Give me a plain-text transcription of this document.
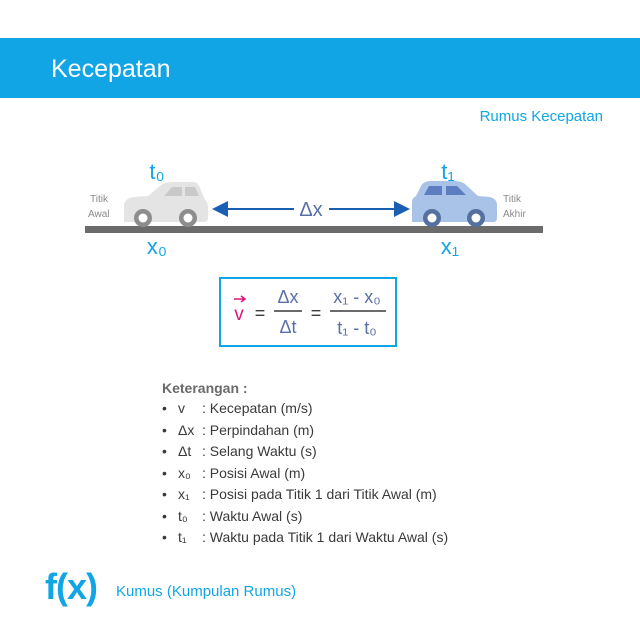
Kecepatan
Rumus Kecepatan
t₀	t₁
Δx
x₀	x₁
Titik
Awal
Titik
Akhir
v =
Δx
Δt
=
x₁ - x₀
t₁ - t₀
Keterangan :
• v : Kecepatan (m/s)
• Δx : Perpindahan (m)
• Δt : Selang Waktu (s)
• x₀ : Posisi Awal (m)
• x₁ : Posisi pada Titik 1 dari Titik Awal (m)
• t₀ : Waktu Awal (s)
• t₁ : Waktu pada Titik 1 dari Waktu Awal (s)
f(x) Kumus (Kumpulan Rumus)
